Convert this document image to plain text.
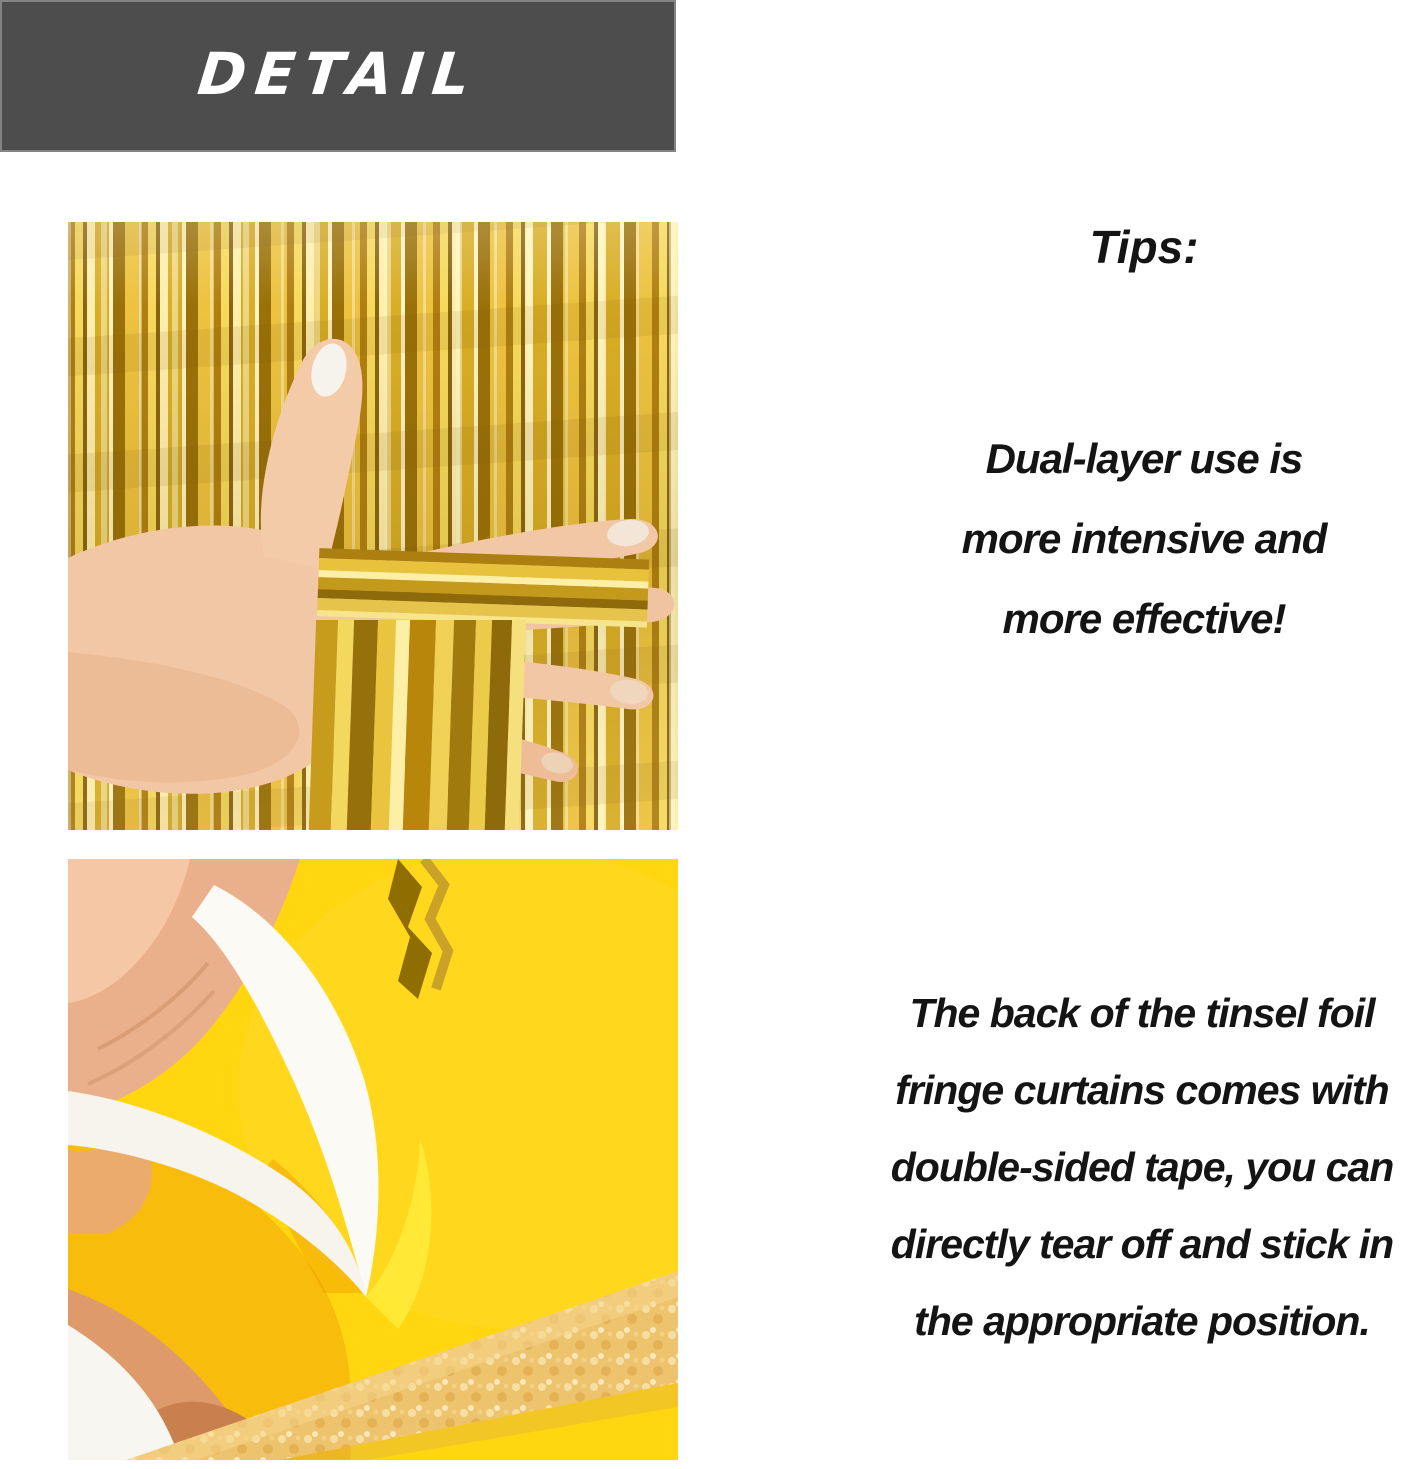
DETAIL
Tips:
Dual-layer use is
more intensive and
more effective!
The back of the tinsel foil
fringe curtains comes with
double-sided tape, you can
directly tear off and stick in
the appropriate position.
